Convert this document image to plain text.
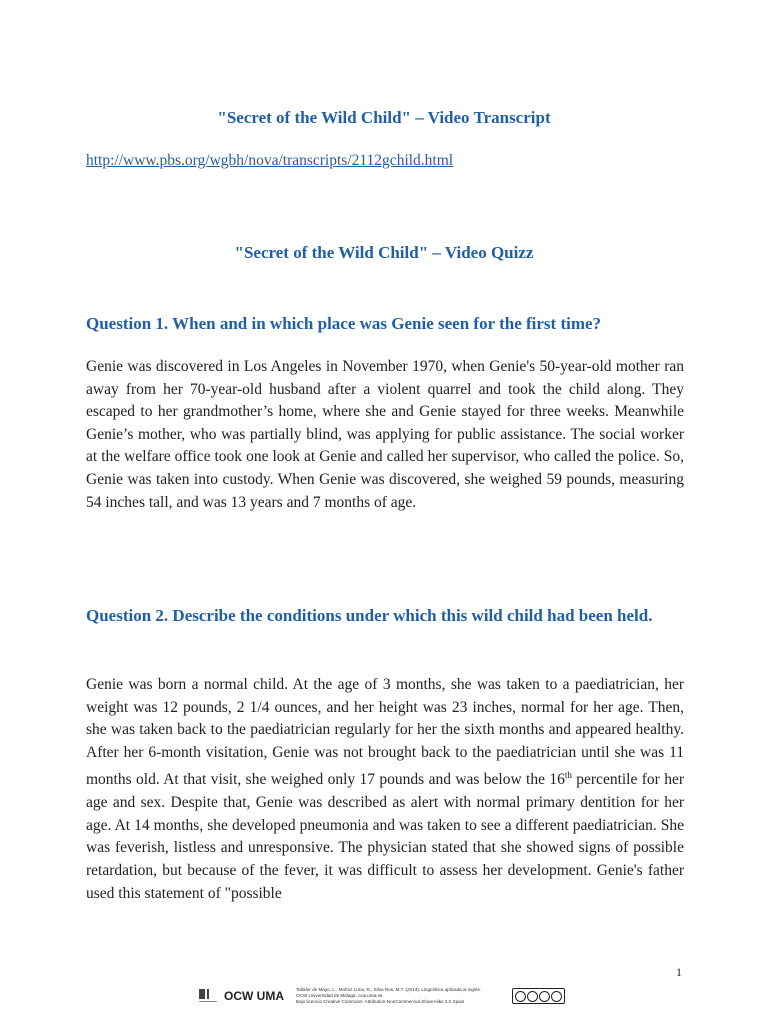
"Secret of the Wild Child" – Video Transcript
http://www.pbs.org/wgbh/nova/transcripts/2112gchild.html
"Secret of the Wild Child" – Video Quizz
Question 1. When and in which place was Genie seen for the first time?

Genie was discovered in Los Angeles in November 1970, when Genie's 50-year-old mother ran away from her 70-year-old husband after a violent quarrel and took the child along. They escaped to her grandmother’s home, where she and Genie stayed for three weeks. Meanwhile Genie’s mother, who was partially blind, was applying for public assistance. The social worker at the welfare office took one look at Genie and called her supervisor, who called the police. So, Genie was taken into custody. When Genie was discovered, she weighed 59 pounds, measuring 54 inches tall, and was 13 years and 7 months of age.

Question 2. Describe the conditions under which this wild child had been held.

Genie was born a normal child. At the age of 3 months, she was taken to a paediatrician, her weight was 12 pounds, 2 1/4 ounces, and her height was 23 inches, normal for her age. Then, she was taken back to the paediatrician regularly for her the sixth months and appeared healthy. After her 6-month visitation, Genie was not brought back to the paediatrician until she was 11 months old. At that visit, she weighed only 17 pounds and was below the 16th percentile for her age and sex. Despite that, Genie was described as alert with normal primary dentition for her age. At 14 months, she developed pneumonia and was taken to see a different paediatrician. She was feverish, listless and unresponsive. The physician stated that she showed signs of possible retardation, but because of the fever, it was difficult to assess her development. Genie's father used this statement of "possible

1
OCW UMA	Tallafer de Mayo, L., Muñoz Luna, R., Silva Ros, M.T. (2013). Lingüística aplicada al inglés.
OCW Universidad de Málaga. ocw.uma.es.
Bajo licencia Creative Commons. Attribution-NonCommercial-ShareAlike 3.0 Spain
